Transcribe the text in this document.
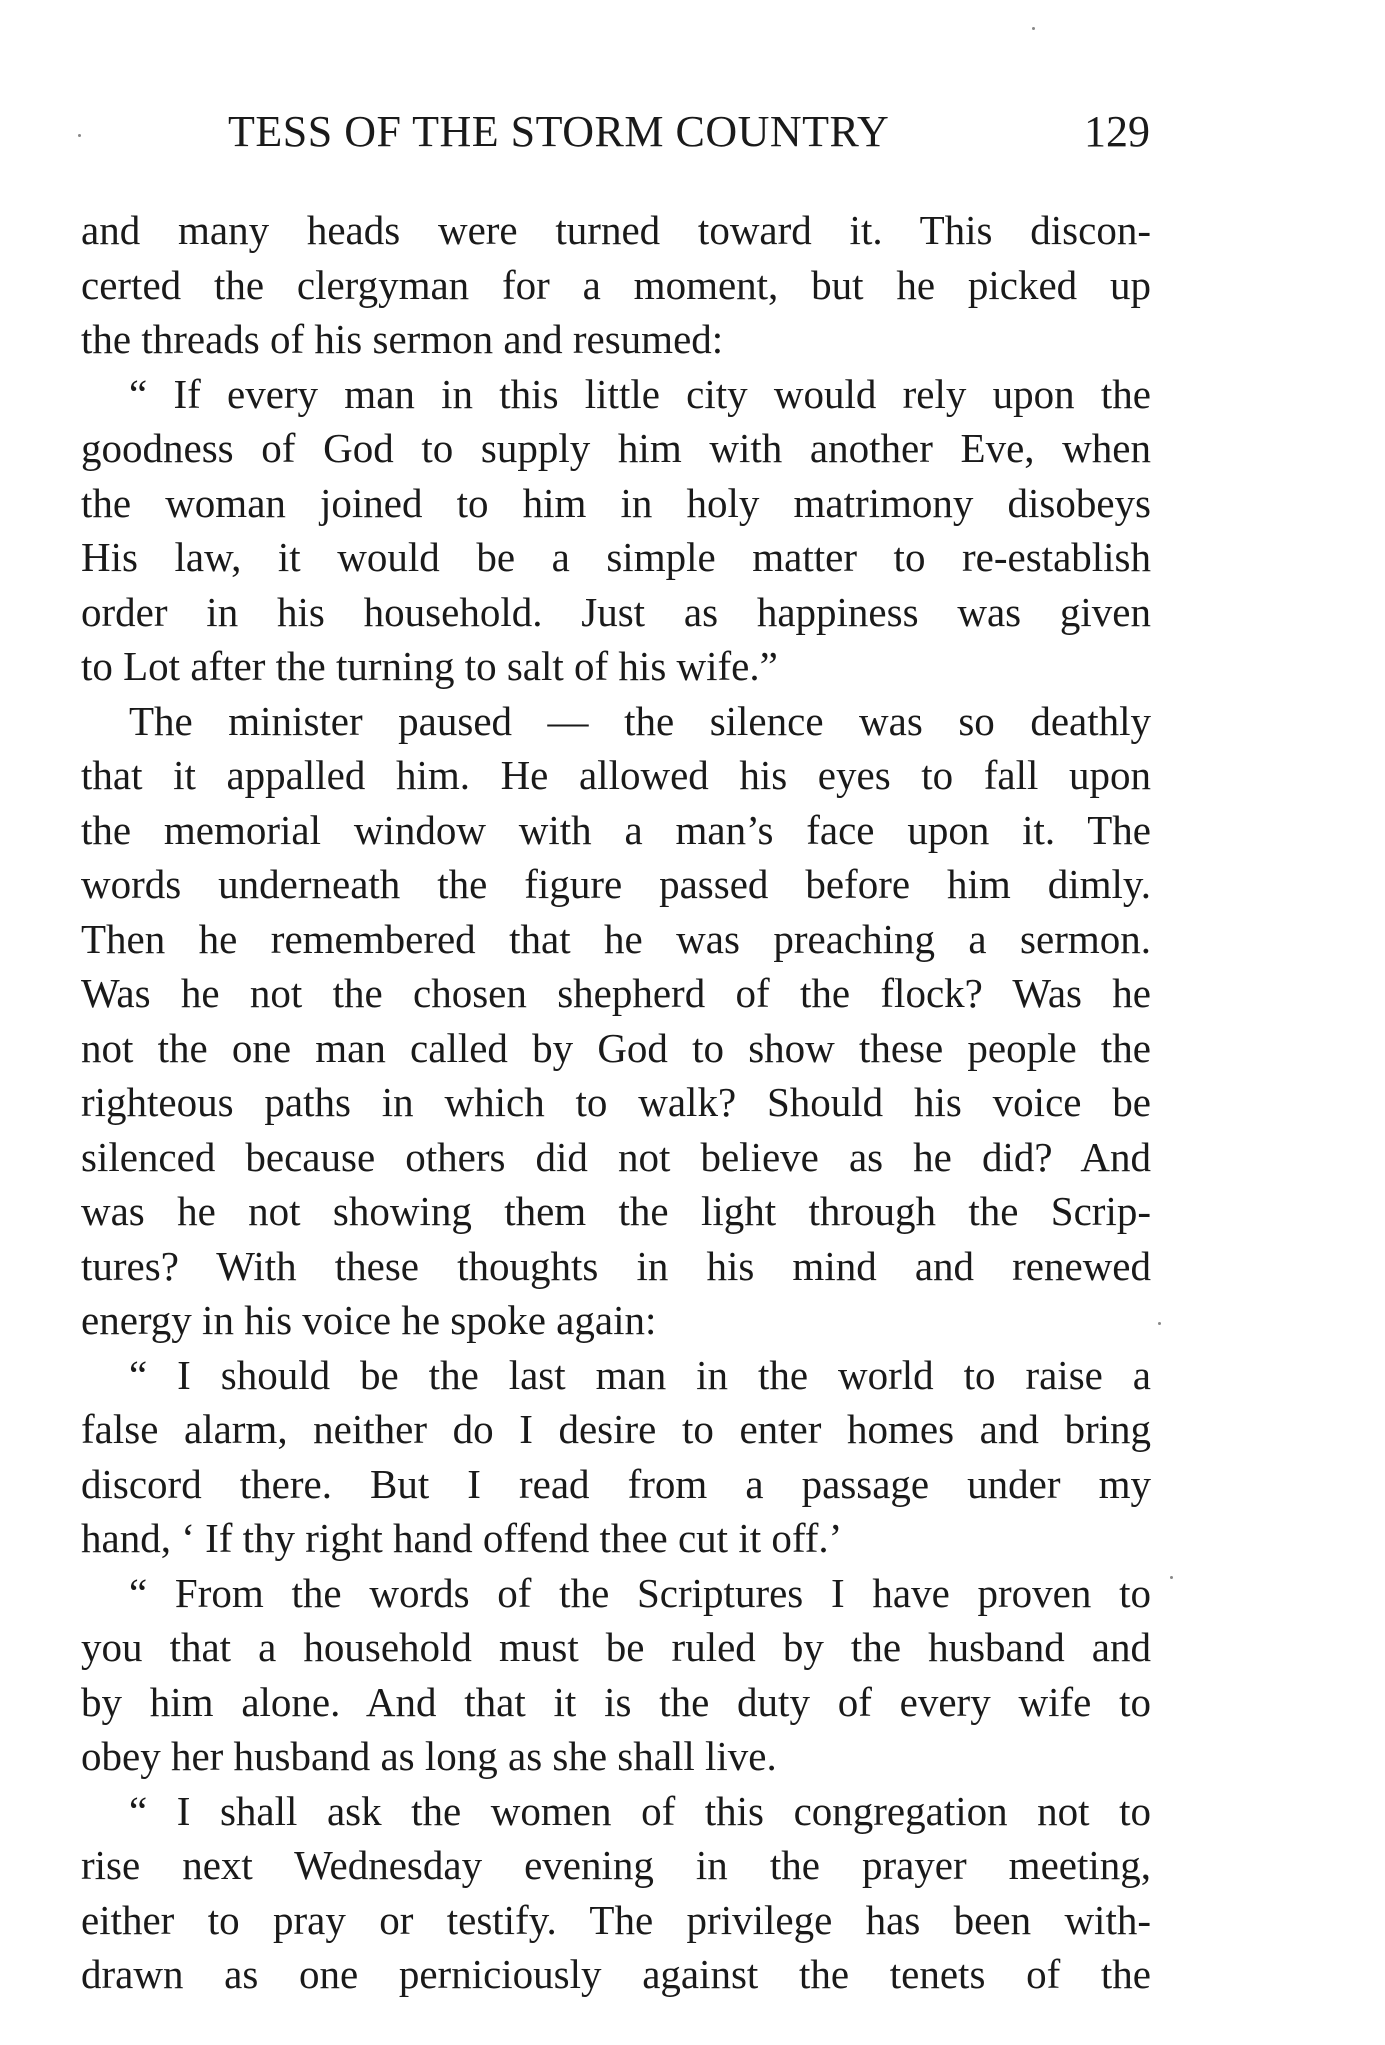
TESS OF THE STORM COUNTRY	129
and many heads were turned toward it. This discon-
certed the clergyman for a moment, but he picked up
the threads of his sermon and resumed:
“ If every man in this little city would rely upon the
goodness of God to supply him with another Eve, when
the woman joined to him in holy matrimony disobeys
His law, it would be a simple matter to re-establish
order in his household. Just as happiness was given
to Lot after the turning to salt of his wife.”
The minister paused — the silence was so deathly
that it appalled him. He allowed his eyes to fall upon
the memorial window with a man’s face upon it. The
words underneath the figure passed before him dimly.
Then he remembered that he was preaching a sermon.
Was he not the chosen shepherd of the flock? Was he
not the one man called by God to show these people the
righteous paths in which to walk? Should his voice be
silenced because others did not believe as he did? And
was he not showing them the light through the Scrip-
tures? With these thoughts in his mind and renewed
energy in his voice he spoke again:
“ I should be the last man in the world to raise a
false alarm, neither do I desire to enter homes and bring
discord there. But I read from a passage under my
hand, ‘ If thy right hand offend thee cut it off.’
“ From the words of the Scriptures I have proven to
you that a household must be ruled by the husband and
by him alone. And that it is the duty of every wife to
obey her husband as long as she shall live.
“ I shall ask the women of this congregation not to
rise next Wednesday evening in the prayer meeting,
either to pray or testify. The privilege has been with-
drawn as one perniciously against the tenets of the
